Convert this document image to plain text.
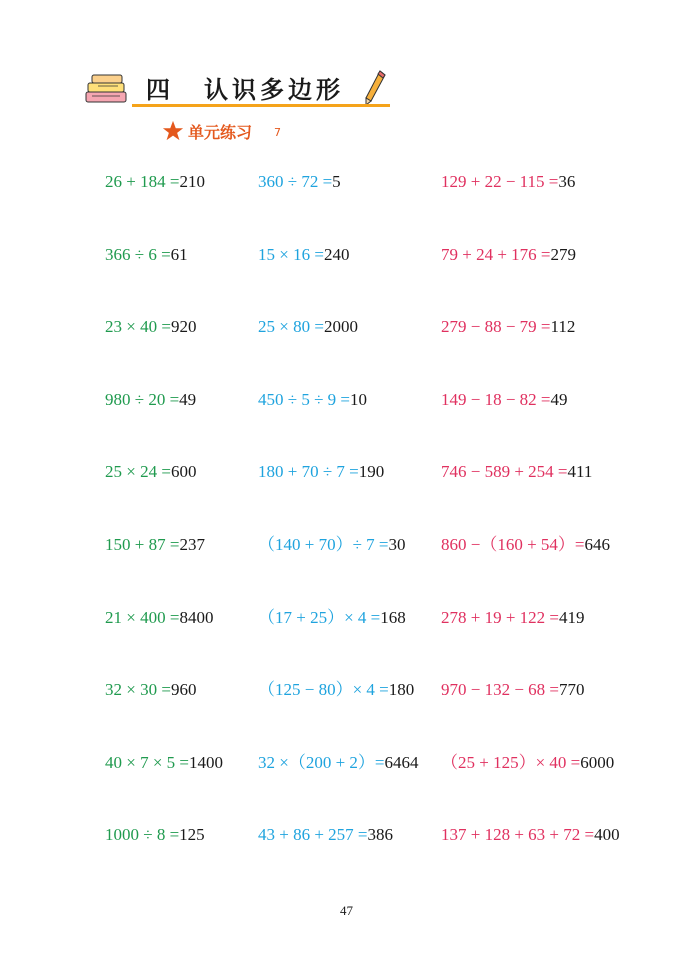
四 认识多边形
单元练习 7
26 + 184 =210
366 ÷ 6 =61
23 × 40 =920
980 ÷ 20 =49
25 × 24 =600
150 + 87 =237
21 × 400 =8400
32 × 30 =960
40 × 7 × 5 =1400
1000 ÷ 8 =125
360 ÷ 72 =5
15 × 16 =240
25 × 80 =2000
450 ÷ 5 ÷ 9 =10
180 + 70 ÷ 7 =190
（140 + 70）÷ 7 =30
（17 + 25）× 4 =168
（125 − 80）× 4 =180
32 ×（200 + 2）=6464
43 + 86 + 257 =386
129 + 22 − 115 =36
79 + 24 + 176 =279
279 − 88 − 79 =112
149 − 18 − 82 =49
746 − 589 + 254 =411
860 −（160 + 54）=646
278 + 19 + 122 =419
970 − 132 − 68 =770
（25 + 125）× 40 =6000
137 + 128 + 63 + 72 =400
47
